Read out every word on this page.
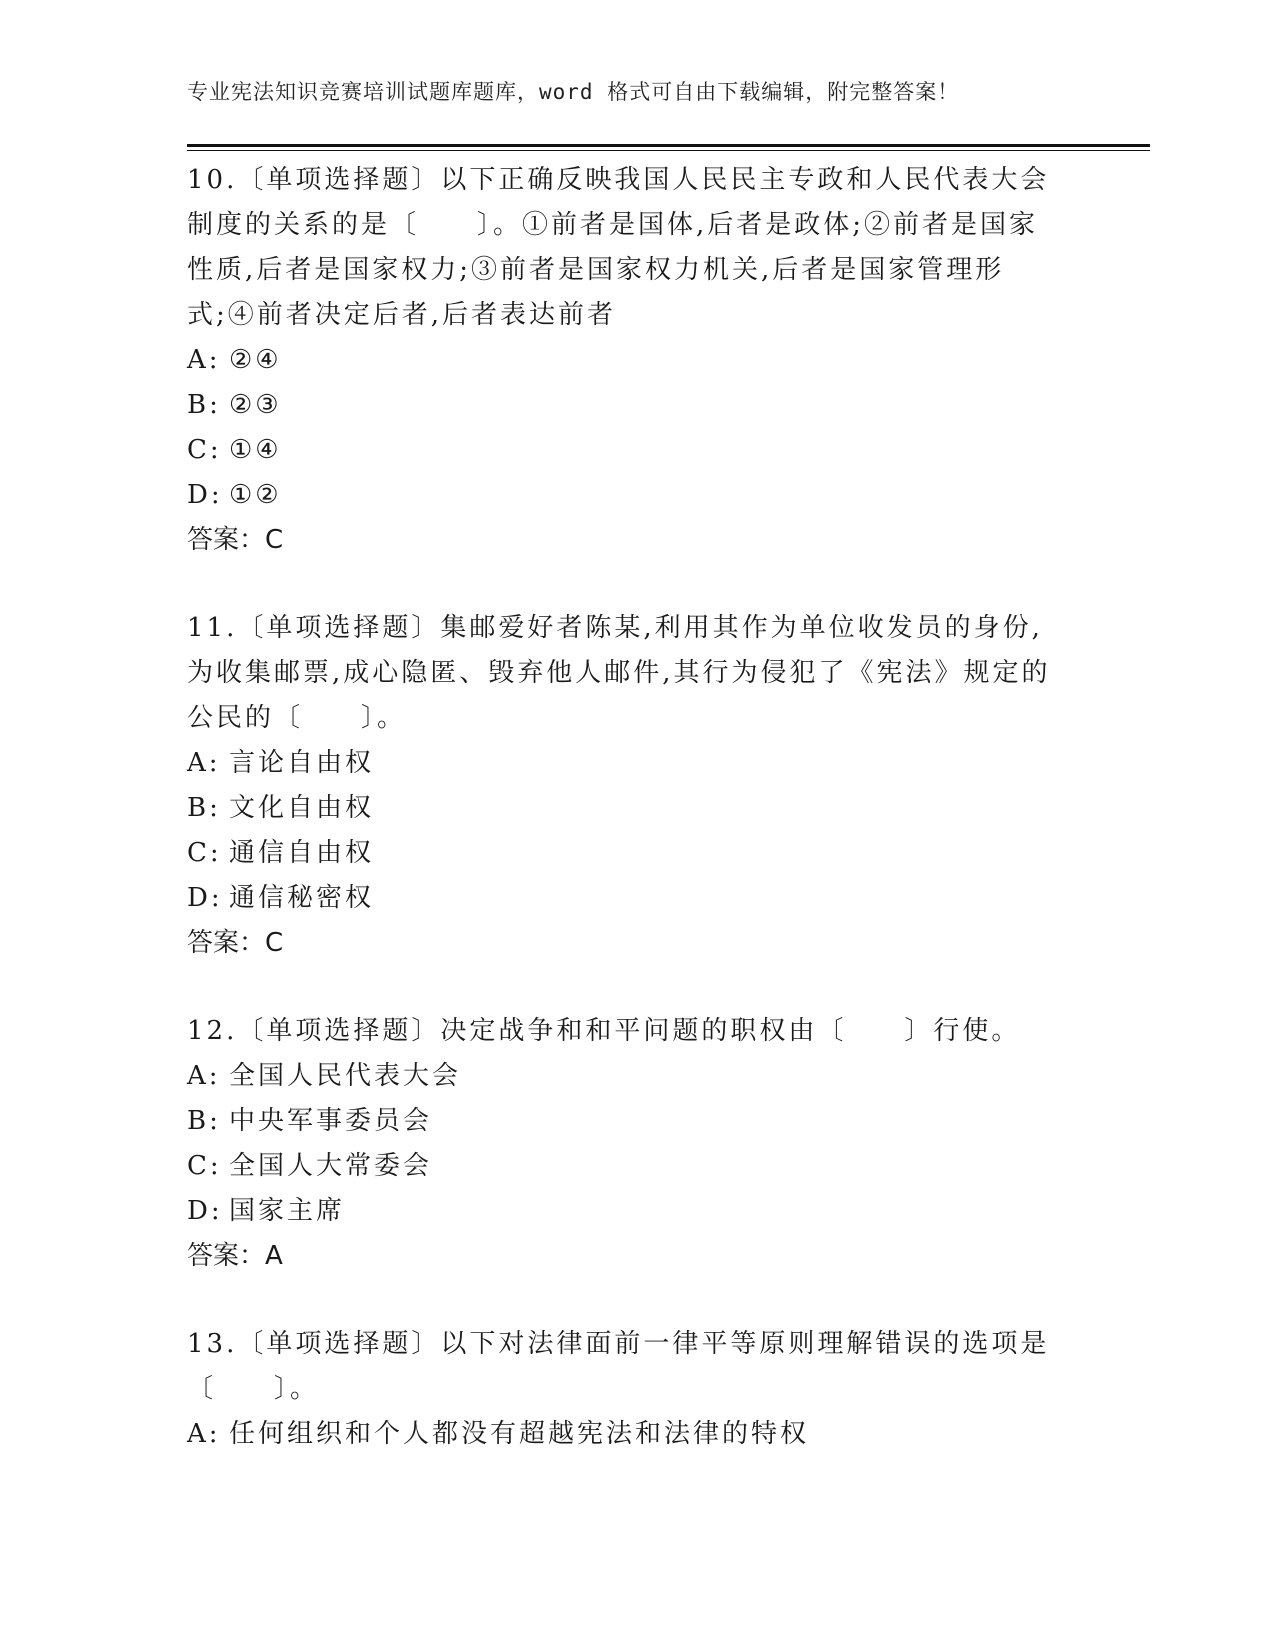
专业宪法知识竞赛培训试题库题库，word 格式可自由下载编辑，附完整答案！

10.〔单项选择题〕以下正确反映我国人民民主专政和人民代表大会制度的关系的是〔　　〕。①前者是国体,后者是政体;②前者是国家性质,后者是国家权力;③前者是国家权力机关,后者是国家管理形式;④前者决定后者,后者表达前者

A: ②④

B: ②③

C: ①④

D: ①②

答案：C

11.〔单项选择题〕集邮爱好者陈某,利用其作为单位收发员的身份,为收集邮票,成心隐匿、毁弃他人邮件,其行为侵犯了《宪法》规定的公民的〔　　〕。

A: 言论自由权

B: 文化自由权

C: 通信自由权

D: 通信秘密权

答案：C

12.〔单项选择题〕决定战争和和平问题的职权由〔　　〕行使。

A: 全国人民代表大会

B: 中央军事委员会

C: 全国人大常委会

D: 国家主席

答案：A

13.〔单项选择题〕以下对法律面前一律平等原则理解错误的选项是〔　　〕。

A: 任何组织和个人都没有超越宪法和法律的特权
